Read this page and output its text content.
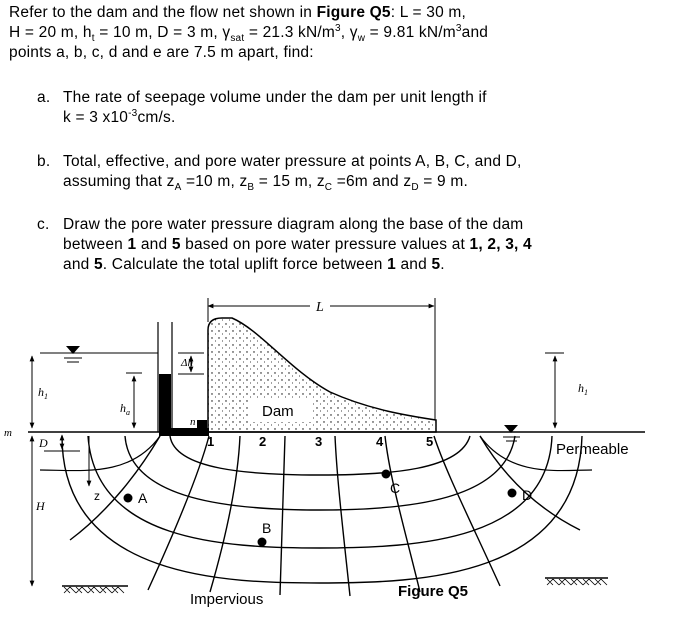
Refer to the dam and the flow net shown in Figure Q5: L = 30 m,
H = 20 m, $h_t = 10$ m, D = 3 m, $\gamma_{sat} = 21.3$ $kN/m^3$, $\gamma_w = 9.81$ $kN/m^3and$
points a, b, c, d and e are 7.5 m apart, find:
a. The rate of seepage volume under the dam per unit length if
k = 3 $x10^{-3}cm/s$.
b. Total, effective, and pore water pressure at points A, B, C, and D,
assuming that $z_A =10$ m, $z_B = 15$ m, $z_C =6m$ and $z_D = 9$ m.
c. Draw the pore water pressure diagram along the base of the dam
between 1 and 5 based on pore water pressure values at 1, 2, 3, 4
and 5. Calculate the total uplift force between 1 and 5.
L
Dam
Δh
$h_1$
$h_a$
n
m
D
H
z
$h_1$
1	2	3	4	5
A
B
C	D
Permeable
Impervious	Figure Q5
